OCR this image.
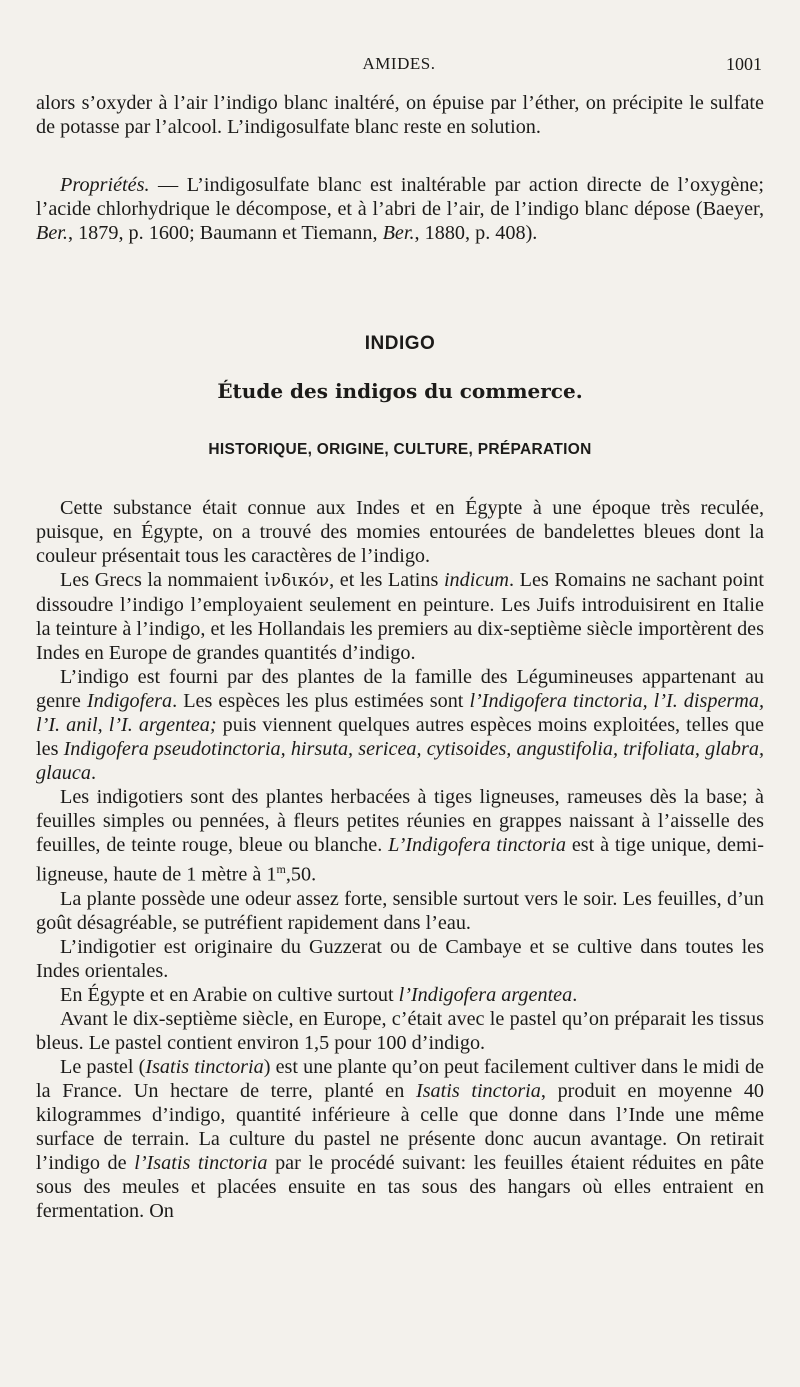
AMIDES.	1001

alors s’oxyder à l’air l’indigo blanc inaltéré, on épuise par l’éther, on précipite le sulfate de potasse par l’alcool. L’indigosulfate blanc reste en solution.

Propriétés. — L’indigosulfate blanc est inaltérable par action directe de l’oxygène; l’acide chlorhydrique le décompose, et à l’abri de l’air, de l’indigo blanc dépose (Baeyer, Ber., 1879, p. 1600; Baumann et Tiemann, Ber., 1880, p. 408).

INDIGO
Étude des indigos du commerce.
HISTORIQUE, ORIGINE, CULTURE, PRÉPARATION

Cette substance était connue aux Indes et en Égypte à une époque très reculée, puisque, en Égypte, on a trouvé des momies entourées de bandelettes bleues dont la couleur présentait tous les caractères de l’indigo.

Les Grecs la nommaient ἰνδικόν, et les Latins indicum. Les Romains ne sachant point dissoudre l’indigo l’employaient seulement en peinture. Les Juifs introduisirent en Italie la teinture à l’indigo, et les Hollandais les premiers au dix-septième siècle importèrent des Indes en Europe de grandes quantités d’indigo.

L’indigo est fourni par des plantes de la famille des Légumineuses appartenant au genre Indigofera. Les espèces les plus estimées sont l’Indigofera tinctoria, l’I. disperma, l’I. anil, l’I. argentea; puis viennent quelques autres espèces moins exploitées, telles que les Indigofera pseudotinctoria, hirsuta, sericea, cytisoides, angustifolia, trifoliata, glabra, glauca.

Les indigotiers sont des plantes herbacées à tiges ligneuses, rameuses dès la base; à feuilles simples ou pennées, à fleurs petites réunies en grappes naissant à l’aisselle des feuilles, de teinte rouge, bleue ou blanche. L’Indigofera tinctoria est à tige unique, demi-ligneuse, haute de 1 mètre à 1$^m$,50.

La plante possède une odeur assez forte, sensible surtout vers le soir. Les feuilles, d’un goût désagréable, se putréfient rapidement dans l’eau.

L’indigotier est originaire du Guzzerat ou de Cambaye et se cultive dans toutes les Indes orientales.

En Égypte et en Arabie on cultive surtout l’Indigofera argentea.

Avant le dix-septième siècle, en Europe, c’était avec le pastel qu’on préparait les tissus bleus. Le pastel contient environ 1,5 pour 100 d’indigo.

Le pastel (Isatis tinctoria) est une plante qu’on peut facilement cultiver dans le midi de la France. Un hectare de terre, planté en Isatis tinctoria, produit en moyenne 40 kilogrammes d’indigo, quantité inférieure à celle que donne dans l’Inde une même surface de terrain. La culture du pastel ne présente donc aucun avantage. On retirait l’indigo de l’Isatis tinctoria par le procédé suivant: les feuilles étaient réduites en pâte sous des meules et placées ensuite en tas sous des hangars où elles entraient en fermentation. On
